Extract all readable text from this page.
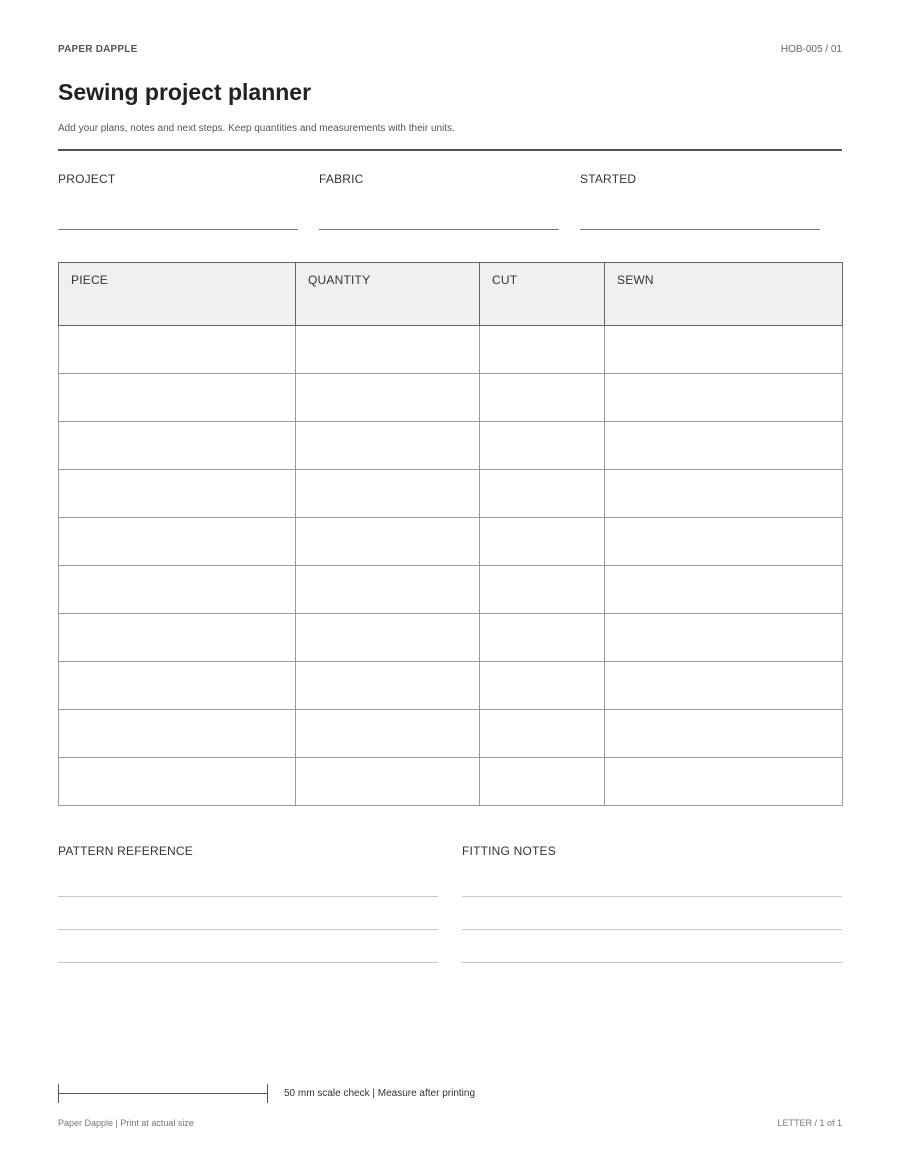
PAPER DAPPLE	HOB-005 / 01
Sewing project planner
Add your plans, notes and next steps. Keep quantities and measurements with their units.
PROJECT	FABRIC	STARTED
PIECE	QUANTITY	CUT	SEWN

PATTERN REFERENCE	FITTING NOTES
50 mm scale check | Measure after printing
Paper Dapple | Print at actual size	LETTER / 1 of 1
